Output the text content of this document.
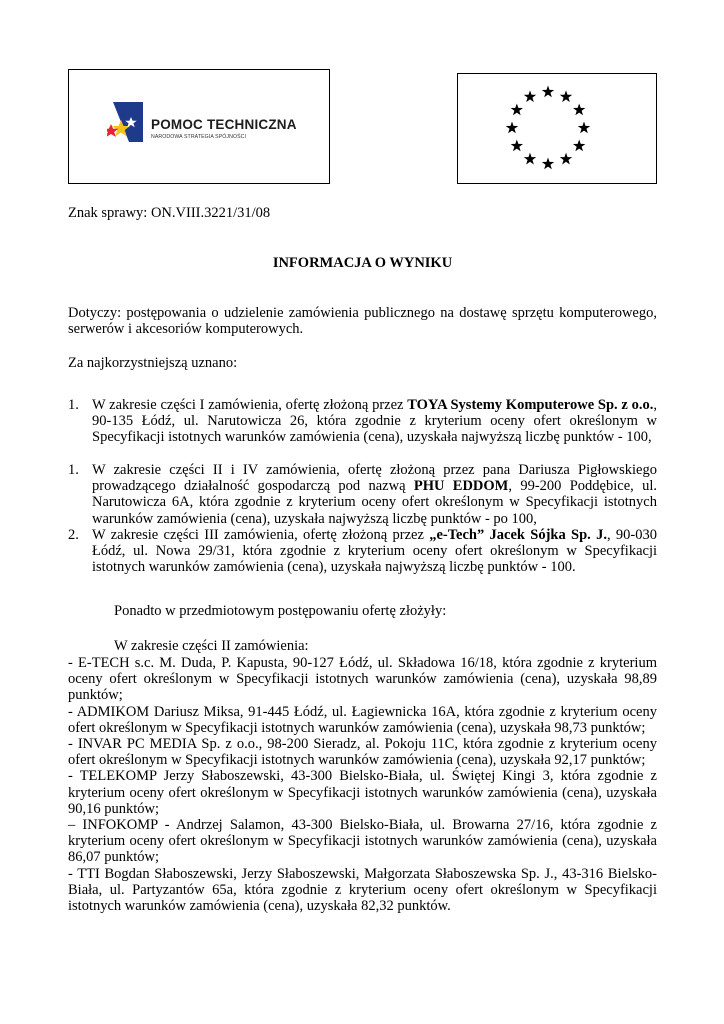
POMOC TECHNICZNA
NARODOWA STRATEGIA SPÓJNOŚCI
Znak sprawy: ON.VIII.3221/31/08
INFORMACJA O WYNIKU
Dotyczy: postępowania o udzielenie zamówienia publicznego na dostawę sprzętu komputerowego, serwerów i akcesoriów komputerowych.
Za najkorzystniejszą uznano:
1. W zakresie części I zamówienia, ofertę złożoną przez TOYA Systemy Komputerowe Sp. z o.o., 90-135 Łódź, ul. Narutowicza 26, która zgodnie z kryterium oceny ofert określonym w Specyfikacji istotnych warunków zamówienia (cena), uzyskała najwyższą liczbę punktów - 100,
1. W zakresie części II i IV zamówienia, ofertę złożoną przez pana Dariusza Pigłowskiego prowadzącego działalność gospodarczą pod nazwą PHU EDDOM, 99-200 Poddębice, ul. Narutowicza 6A, która zgodnie z kryterium oceny ofert określonym w Specyfikacji istotnych warunków zamówienia (cena), uzyskała najwyższą liczbę punktów - po 100,
2. W zakresie części III zamówienia, ofertę złożoną przez „e-Tech” Jacek Sójka Sp. J., 90-030 Łódź, ul. Nowa 29/31, która zgodnie z kryterium oceny ofert określonym w Specyfikacji istotnych warunków zamówienia (cena), uzyskała najwyższą liczbę punktów - 100.
Ponadto w przedmiotowym postępowaniu ofertę złożyły:
W zakresie części II zamówienia:
- E-TECH s.c. M. Duda, P. Kapusta, 90-127 Łódź, ul. Składowa 16/18, która zgodnie z kryterium oceny ofert określonym w Specyfikacji istotnych warunków zamówienia (cena), uzyskała 98,89 punktów;
- ADMIKOM Dariusz Miksa, 91-445 Łódź, ul. Łagiewnicka 16A, która zgodnie z kryterium oceny ofert określonym w Specyfikacji istotnych warunków zamówienia (cena), uzyskała 98,73 punktów;
- INVAR PC MEDIA Sp. z o.o., 98-200 Sieradz, al. Pokoju 11C, która zgodnie z kryterium oceny ofert określonym w Specyfikacji istotnych warunków zamówienia (cena), uzyskała 92,17 punktów;
- TELEKOMP Jerzy Słaboszewski, 43-300 Bielsko-Biała, ul. Świętej Kingi 3, która zgodnie z kryterium oceny ofert określonym w Specyfikacji istotnych warunków zamówienia (cena), uzyskała 90,16 punktów;
– INFOKOMP - Andrzej Salamon, 43-300 Bielsko-Biała, ul. Browarna 27/16, która zgodnie z kryterium oceny ofert określonym w Specyfikacji istotnych warunków zamówienia (cena), uzyskała 86,07 punktów;
- TTI Bogdan Słaboszewski, Jerzy Słaboszewski, Małgorzata Słaboszewska Sp. J., 43-316 Bielsko-Biała, ul. Partyzantów 65a, która zgodnie z kryterium oceny ofert określonym w Specyfikacji istotnych warunków zamówienia (cena), uzyskała 82,32 punktów.
